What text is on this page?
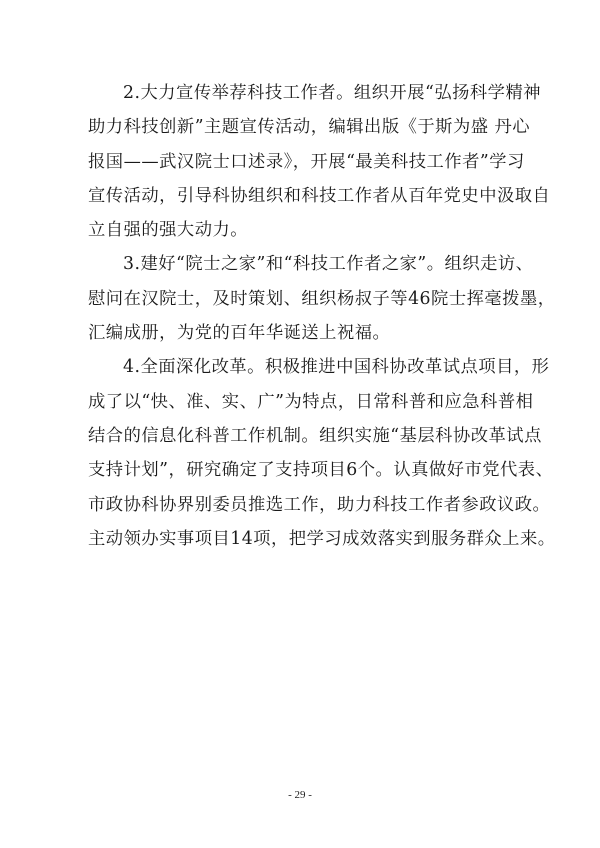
2.大力宣传举荐科技工作者。组织开展“弘扬科学精神
助力科技创新”主题宣传活动，编辑出版《于斯为盛 丹心
报国——武汉院士口述录》，开展“最美科技工作者”学习
宣传活动，引导科协组织和科技工作者从百年党史中汲取自
立自强的强大动力。

3.建好“院士之家”和“科技工作者之家”。组织走访、
慰问在汉院士，及时策划、组织杨叔子等46院士挥毫拨墨，
汇编成册，为党的百年华诞送上祝福。

4.全面深化改革。积极推进中国科协改革试点项目，形
成了以“快、准、实、广”为特点，日常科普和应急科普相
结合的信息化科普工作机制。组织实施“基层科协改革试点
支持计划”，研究确定了支持项目6个。认真做好市党代表、
市政协科协界别委员推选工作，助力科技工作者参政议政。
主动领办实事项目14项，把学习成效落实到服务群众上来。

- 29 -
